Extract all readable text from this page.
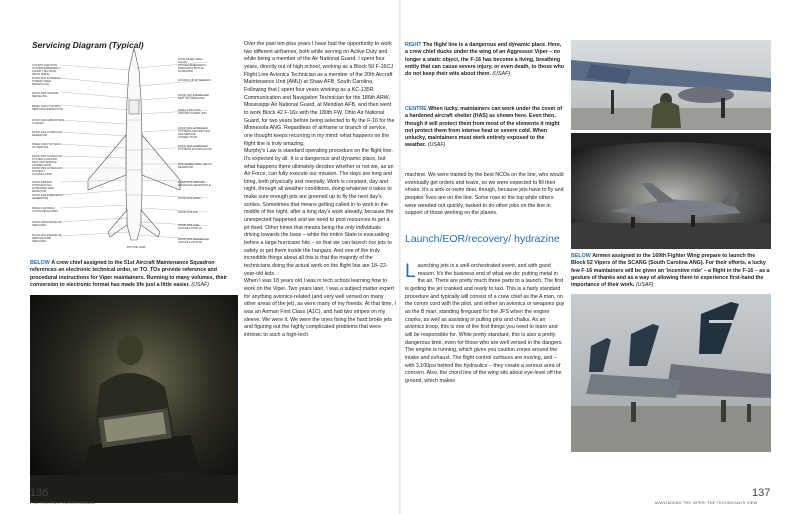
Servicing Diagram (Typical)
COCKPIT EJECTION SYSTEM/ EMERGENCY CANOPY JETTISON (BOTH SIDES)
DOOR 2104 EXTERNAL POWER CABLE RECEPTACLE
DOOR 2304 GROUND REFUELING
PANEL 2404 (TOP) EPU SERVICING/INSPECTION
DOOR 3304 AMMUNITION LOADING
DOOR 3306 HYDRAULIC RESERVOIR
PANEL 3418 (TOP) EPU OIL SERVICE
DOOR 3306 HYDRAULIC SYSTEM A GROUND TEST AND SERVICE CONNECTIONS
DOOR 3502 HYDRAULIC SYSTEM A ACCUMULATOR
DOOR 3308 EPU NITROGEN (N2) HYDRAZINE LEAK DETECTOR
DOOR 3304 EMERGENCY GENERATOR
PANEL 4102 DRAG CHUTE MECHANISM
DOOR 4406 ENGINE OIL SERVICING
DOOR 4402 ENGINE OIL SERVICE/JUMP SERVICING
NOSE WHEEL WELL LIQUID OXYGEN/EMERGENCY PNEUMATIC BOTTLE HYDRAZINE
AVIONICS (IF FITTED) ECS
DOOR 1407 ENGINE AND SEAT IDG SERVICING
PANEL 1402 (TOP) GROUND POWER UNIT
DOOR 3401 HYDRAULIC SYSTEM B GROUND TEST AND SERVICE CONNECTIONS
DOOR 3404 HYDRAULIC SYSTEM B ACCUMULATOR
MAIN WHEEL WELL HALON RESERVOIR
DOOR 3702 GROUND REFUELING RECEPTACLE
DOOR 3703 AMAD
DOOR 3704 JFS
DOOR 4004 FUEL ACCUMULATOR (A)
DOOR 4404 BRAKE/FUEL ACCUMULATOR (B)
BOTTOM VIEW
BELOW A crew chief assigned to the 51st Aircraft Maintenance Squadron references an electronic technical order, or TO. TOs provide reference and procedural instructions for Viper maintainers. Running to many volumes, their conversion to electronic format has made life just a little easier. (USAF)

Over the past ten-plus years I have had the opportunity to work two different airframes, both while serving on Active Duty and while being a member of the Air National Guard. I spent four years, directly out of high school, working as a Block 50 F-16CJ Flight Line Avionics Technician as a member of the 20th Aircraft Maintenance Unit (AMU) at Shaw AFB, South Carolina. Following that I spent four years working as a KC-135R Communication and Navigation Technician for the 186th ARW, Mississippi Air National Guard, at Meridian AFB, and then went to work Block 42 F-16s with the 180th FW, Ohio Air National Guard, for two years before being selected to fly the F-16 for the Minnesota ANG. Regardless of airframe or branch of service, one thought keeps recurring in my mind: what happens on the flight line is truly amazing.

Murphy's Law is standard operating procedure on the flight line. It's expected by all. It is a dangerous and dynamic place, but what happens there ultimately decides whether or not we, as an Air Force, can fully execute our mission. The days are long and tiring, both physically and mentally. Work is constant, day and night, through all weather conditions, doing whatever it takes to make sure enough jets are greened up to fly the next day's sorties. Sometimes that means getting called in to work in the middle of the night, after a long day's work already, because the unexpected happened and we need to pool resources to get a jet fixed. Other times that means being the only individuals driving towards the base – while the entire State is evacuating before a large hurricane hits – so that we can launch our jets to safety or get them inside the hangars. And one of the truly incredible things about all this is that the majority of the technicians doing the actual work on the flight line are 18–22-year-old kids.

When I was 18 years old I was in tech school learning how to work on the Viper. Two years later, I was a subject matter expert for anything avionics-related (and very well versed on many other areas of the jet), as were many of my friends. At that time, I was an Airman First Class (A1C), and had two stripes on my sleeve. We were it. We were the ones fixing the hard broke jets and figuring out the highly complicated problems that were intrinsic to such a high-tech

136
F-16 FIGHTING FALCON MANUAL
RIGHT The flight line is a dangerous and dynamic place. Here, a crew chief ducks under the wing of an Aggressor Viper – no longer a static object, the F-16 has become a living, breathing entity that can cause severe injury, or even death, to those who do not keep their wits about them. (USAF)
CENTRE When lucky, maintainers can work under the cover of a hardened aircraft shelter (HAS) as shown here. Even then, though it will protect them from most of the elements it might not protect them from intense heat or severe cold. When unlucky, maintainers must work entirely exposed to the weather. (USAF)
machine. We were trained by the best NCOs on the line, who would eventually get orders and leave, so we were expected to fill their shoes. It's a sink-or-swim deal, though, because jets have to fly and peoples' lives are on the line. Some rose to the top while others were weeded out quickly, tasked to do other jobs on the line in support of those working on the planes.
Launch/EOR/recovery/ hydrazine
Launching jets is a well-orchestrated event, and with good reason. It's the business end of what we do: putting metal in the air. There are pretty much three parts to a launch. The first is getting the jet cranked and ready to taxi. This is a fairly standard procedure and typically will consist of a crew chief as the A man, on the comm cord with the pilot, and either an avionics or weapons guy as the B man, standing fireguard for the JFS when the engine cranks, as well as assisting in pulling pins and chalks. As an avionics troop, this is one of the first things you need to learn and will be responsible for. While pretty standard, this is also a pretty dangerous time, even for those who are well versed in the dangers. The engine is running, which gives you caution zones around the intake and exhaust. The flight control surfaces are moving, and – with 3,100psi behind the hydraulics – they create a serious area of concern. Also, the chord line of the wing sits about eye-level off the ground, which makes
137
MAINTAINING THE VIPER: THE TECHNICIAN'S VIEW
BELOW Airmen assigned to the 169th Fighter Wing prepare to launch the Block 52 Vipers of the SCANG (South Carolina ANG). For their efforts, a lucky few F-16 maintainers will be given an 'incentive ride' – a flight in the F-16 – as a gesture of thanks and as a way of allowing them to experience first-hand the importance of their work. (USAF)
